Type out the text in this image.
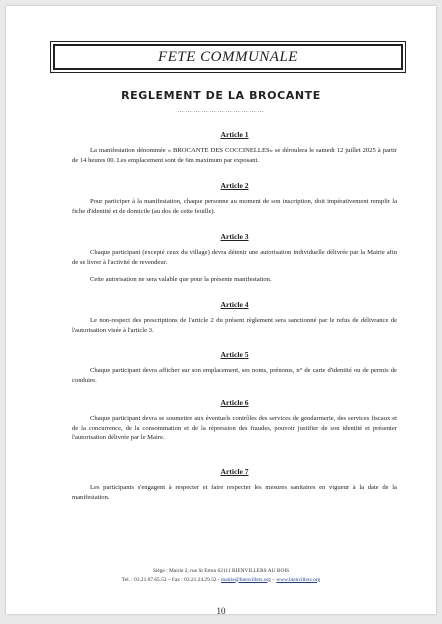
FETE COMMUNALE
REGLEMENT DE LA BROCANTE
……………………………
Article 1

La manifestation dénommée « BROCANTE DES COCCINELLES» se déroulera le samedi 12 juillet 2025 à partir de 14 heures 00. Les emplacement sont de 6m maximum par exposant.

Article 2

Pour participer à la manifestation, chaque personne au moment de son inscription, doit impérativement remplir la fiche d'identité et de domicile (au dos de cette feuille).

Article 3

Chaque participant (excepté ceux du village) devra détenir une autorisation individuelle délivrée par la Mairie afin de se livrer à l'activité de revendeur.

Cette autorisation ne sera valable que pour la présente manifestation.

Article 4

Le non-respect des prescriptions de l'article 2 du présent règlement sera sanctionné par le refus de délivrance de l'autorisation visée à l'article 3.

Article 5

Chaque participant devra afficher sur son emplacement, ses noms, prénoms, n° de carte d'identité ou de permis de conduire.

Article 6

Chaque participant devra se soumettre aux éventuels contrôles des services de gendarmerie, des services fiscaux et de la concurrence, de la consommation et de la répression des fraudes, pouvoir justifier de son identité et présenter l'autorisation délivrée par le Maire.

Article 7

Les participants s'engagent à respecter et faire respecter les mesures sanitaires en vigueur à la date de la manifestation.

Siège : Mairie 2, rue St Erton 62111 BIENVILLERS AU BOIS
Tel. : 03.21.07.65.53 – Fax : 03.21.24.29.52 - mairie@bienvillers.org – www.bienvillers.org
10
